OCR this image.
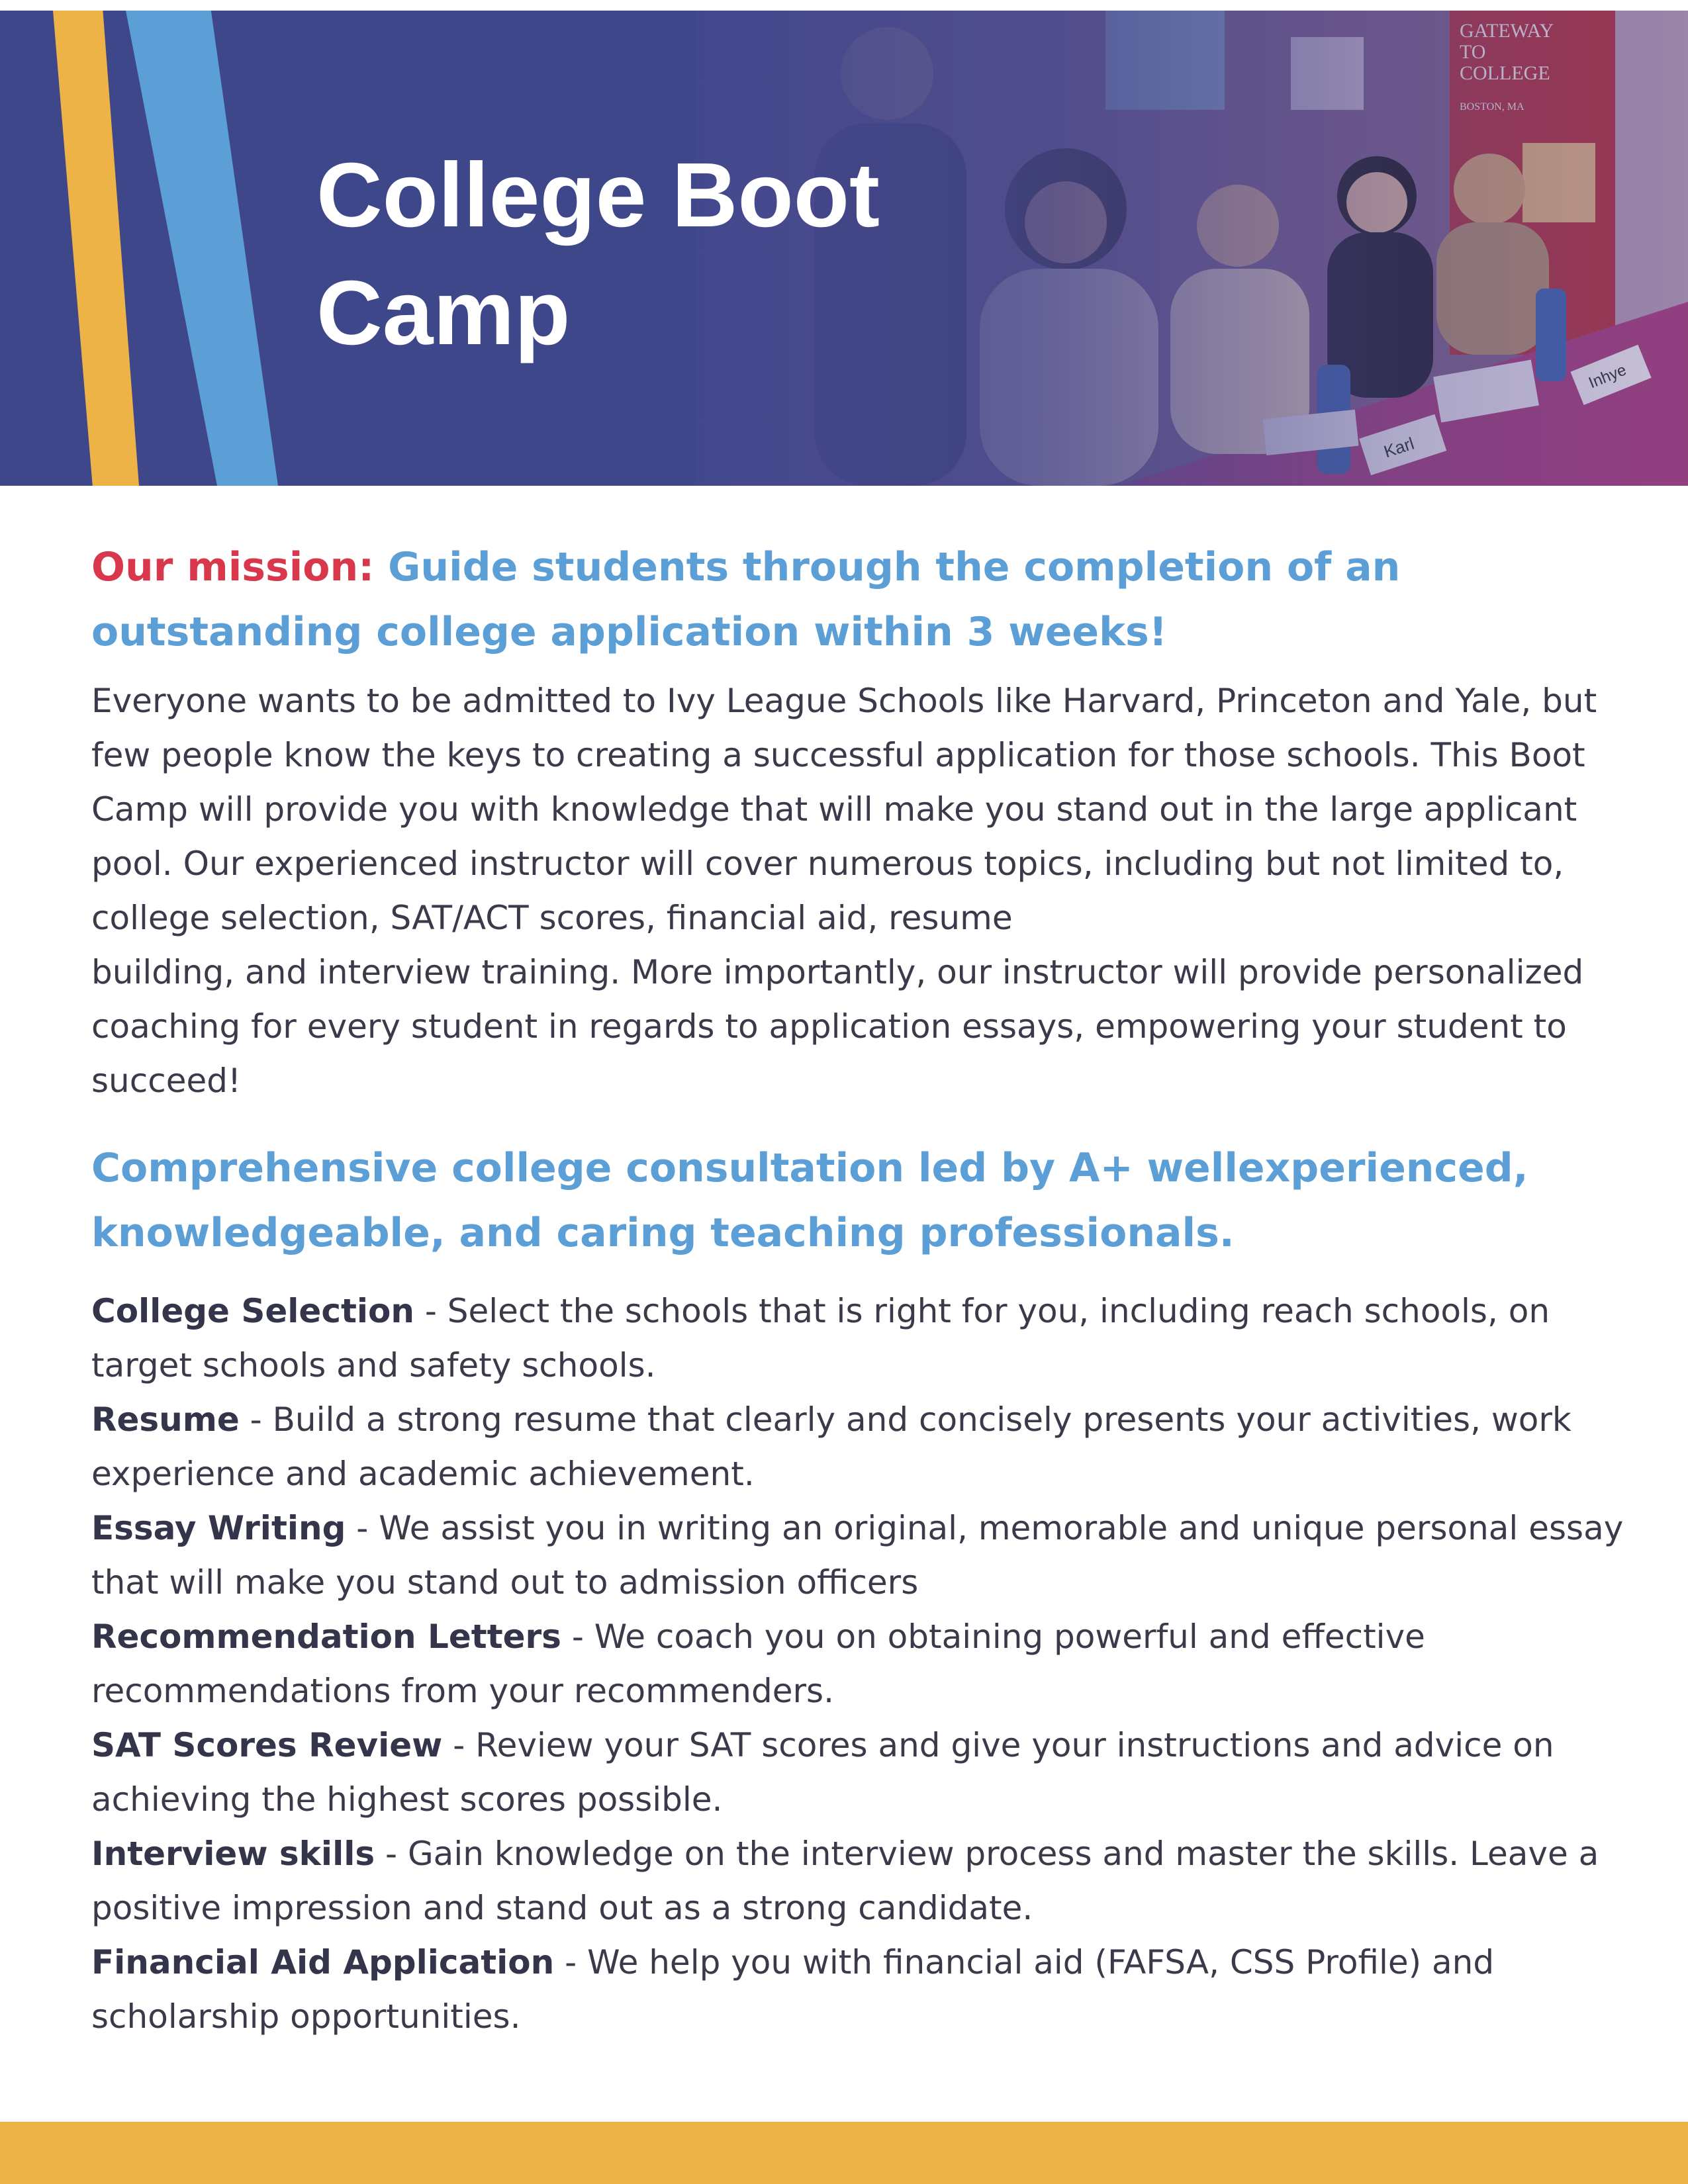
College Boot
Camp

Our mission: Guide students through the completion of an outstanding college application within 3 weeks!

Everyone wants to be admitted to Ivy League Schools like Harvard, Princeton and Yale, but few people know the keys to creating a successful application for those schools. This Boot Camp will provide you with knowledge that will make you stand out in the large applicant pool. Our experienced instructor will cover numerous topics, including but not limited to, college selection, SAT/ACT scores, financial aid, resume
building, and interview training. More importantly, our instructor will provide personalized coaching for every student in regards to application essays, empowering your student to succeed!

Comprehensive college consultation led by A+ wellexperienced, knowledgeable, and caring teaching professionals.
College Selection - Select the schools that is right for you, including reach schools, on target schools and safety schools.
Resume - Build a strong resume that clearly and concisely presents your activities, work experience and academic achievement.
Essay Writing - We assist you in writing an original, memorable and unique personal essay that will make you stand out to admission officers
Recommendation Letters - We coach you on obtaining powerful and effective recommendations from your recommenders.
SAT Scores Review - Review your SAT scores and give your instructions and advice on achieving the highest scores possible.
Interview skills - Gain knowledge on the interview process and master the skills. Leave a positive impression and stand out as a strong candidate.
Financial Aid Application - We help you with financial aid (FAFSA, CSS Profile) and scholarship opportunities.
